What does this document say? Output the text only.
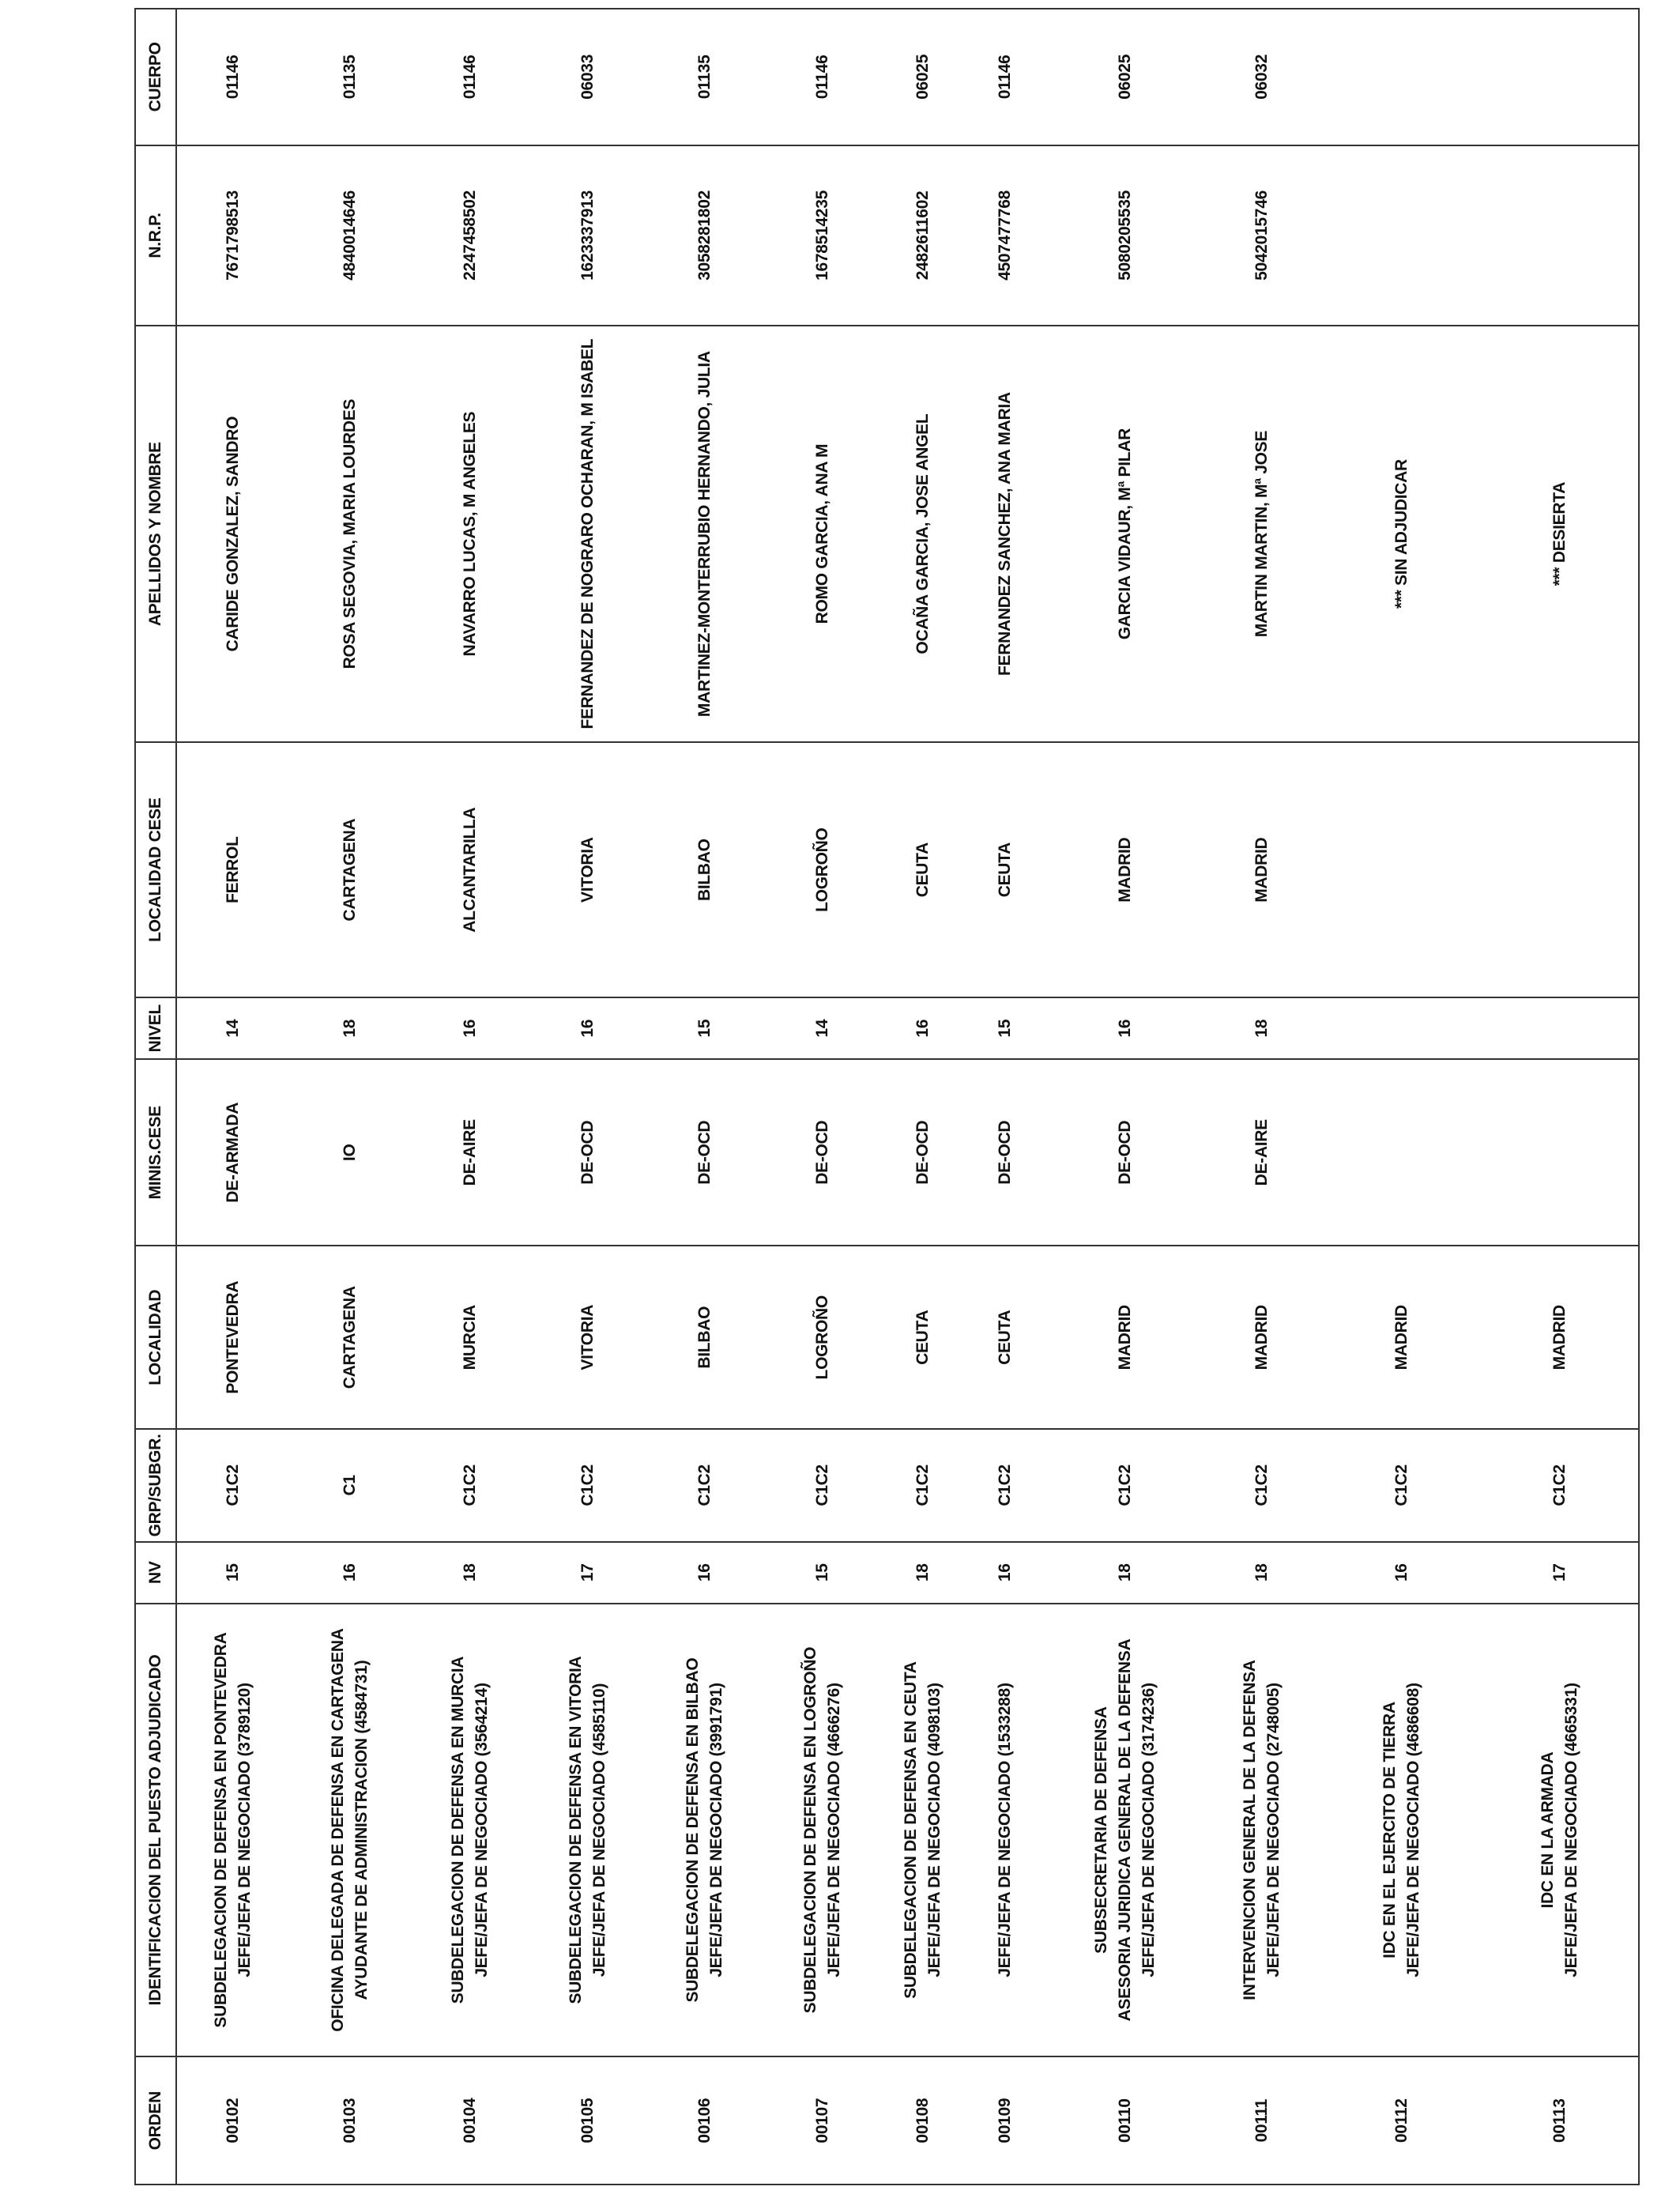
ORDEN	IDENTIFICACION DEL PUESTO ADJUDICADO	NV	GRP/SUBGR.	LOCALIDAD	MINIS.CESE	NIVEL	LOCALIDAD CESE	APELLIDOS Y NOMBRE	N.R.P.	CUERPO
00102	SUBDELEGACION DE DEFENSA EN PONTEVEDRA JEFE/JEFA DE NEGOCIADO (3789120)	15	C1C2	PONTEVEDRA	DE-ARMADA	14	FERROL	CARIDE GONZALEZ, SANDRO	7671798513	01146
00103	OFICINA DELEGADA DE DEFENSA EN CARTAGENA AYUDANTE DE ADMINISTRACION (4584731)	16	C1	CARTAGENA	IO	18	CARTAGENA	ROSA SEGOVIA, MARIA LOURDES	4840014646	01135
00104	SUBDELEGACION DE DEFENSA EN MURCIA JEFE/JEFA DE NEGOCIADO (3564214)	18	C1C2	MURCIA	DE-AIRE	16	ALCANTARILLA	NAVARRO LUCAS, M ANGELES	2247458502	01146
00105	SUBDELEGACION DE DEFENSA EN VITORIA JEFE/JEFA DE NEGOCIADO (4585110)	17	C1C2	VITORIA	DE-OCD	16	VITORIA	FERNANDEZ DE NOGRARO OCHARAN, M ISABEL	1623337913	06033
00106	SUBDELEGACION DE DEFENSA EN BILBAO JEFE/JEFA DE NEGOCIADO (3991791)	16	C1C2	BILBAO	DE-OCD	15	BILBAO	MARTINEZ-MONTERRUBIO HERNANDO, JULIA	3058281802	01135
00107	SUBDELEGACION DE DEFENSA EN LOGROÑO JEFE/JEFA DE NEGOCIADO (4666276)	15	C1C2	LOGROÑO	DE-OCD	14	LOGROÑO	ROMO GARCIA, ANA M	1678514235	01146
00108	SUBDELEGACION DE DEFENSA EN CEUTA JEFE/JEFA DE NEGOCIADO (4098103)	18	C1C2	CEUTA	DE-OCD	16	CEUTA	OCAÑA GARCIA, JOSE ANGEL	2482611602	06025
00109	JEFE/JEFA DE NEGOCIADO (1533288)	16	C1C2	CEUTA	DE-OCD	15	CEUTA	FERNANDEZ SANCHEZ, ANA MARIA	4507477768	01146
00110	SUBSECRETARIA DE DEFENSA ASESORIA JURIDICA GENERAL DE LA DEFENSA JEFE/JEFA DE NEGOCIADO (3174236)	18	C1C2	MADRID	DE-OCD	16	MADRID	GARCIA VIDAUR, Mª PILAR	5080205535	06025
00111	INTERVENCION GENERAL DE LA DEFENSA JEFE/JEFA DE NEGOCIADO (2748005)	18	C1C2	MADRID	DE-AIRE	18	MADRID	MARTIN MARTIN, Mª JOSE	5042015746	06032
00112	IDC EN EL EJERCITO DE TIERRA JEFE/JEFA DE NEGOCIADO (4686608)	16	C1C2	MADRID				*** SIN ADJUDICAR		
00113	IDC EN LA ARMADA JEFE/JEFA DE NEGOCIADO (4665331)	17	C1C2	MADRID				*** DESIERTA		
